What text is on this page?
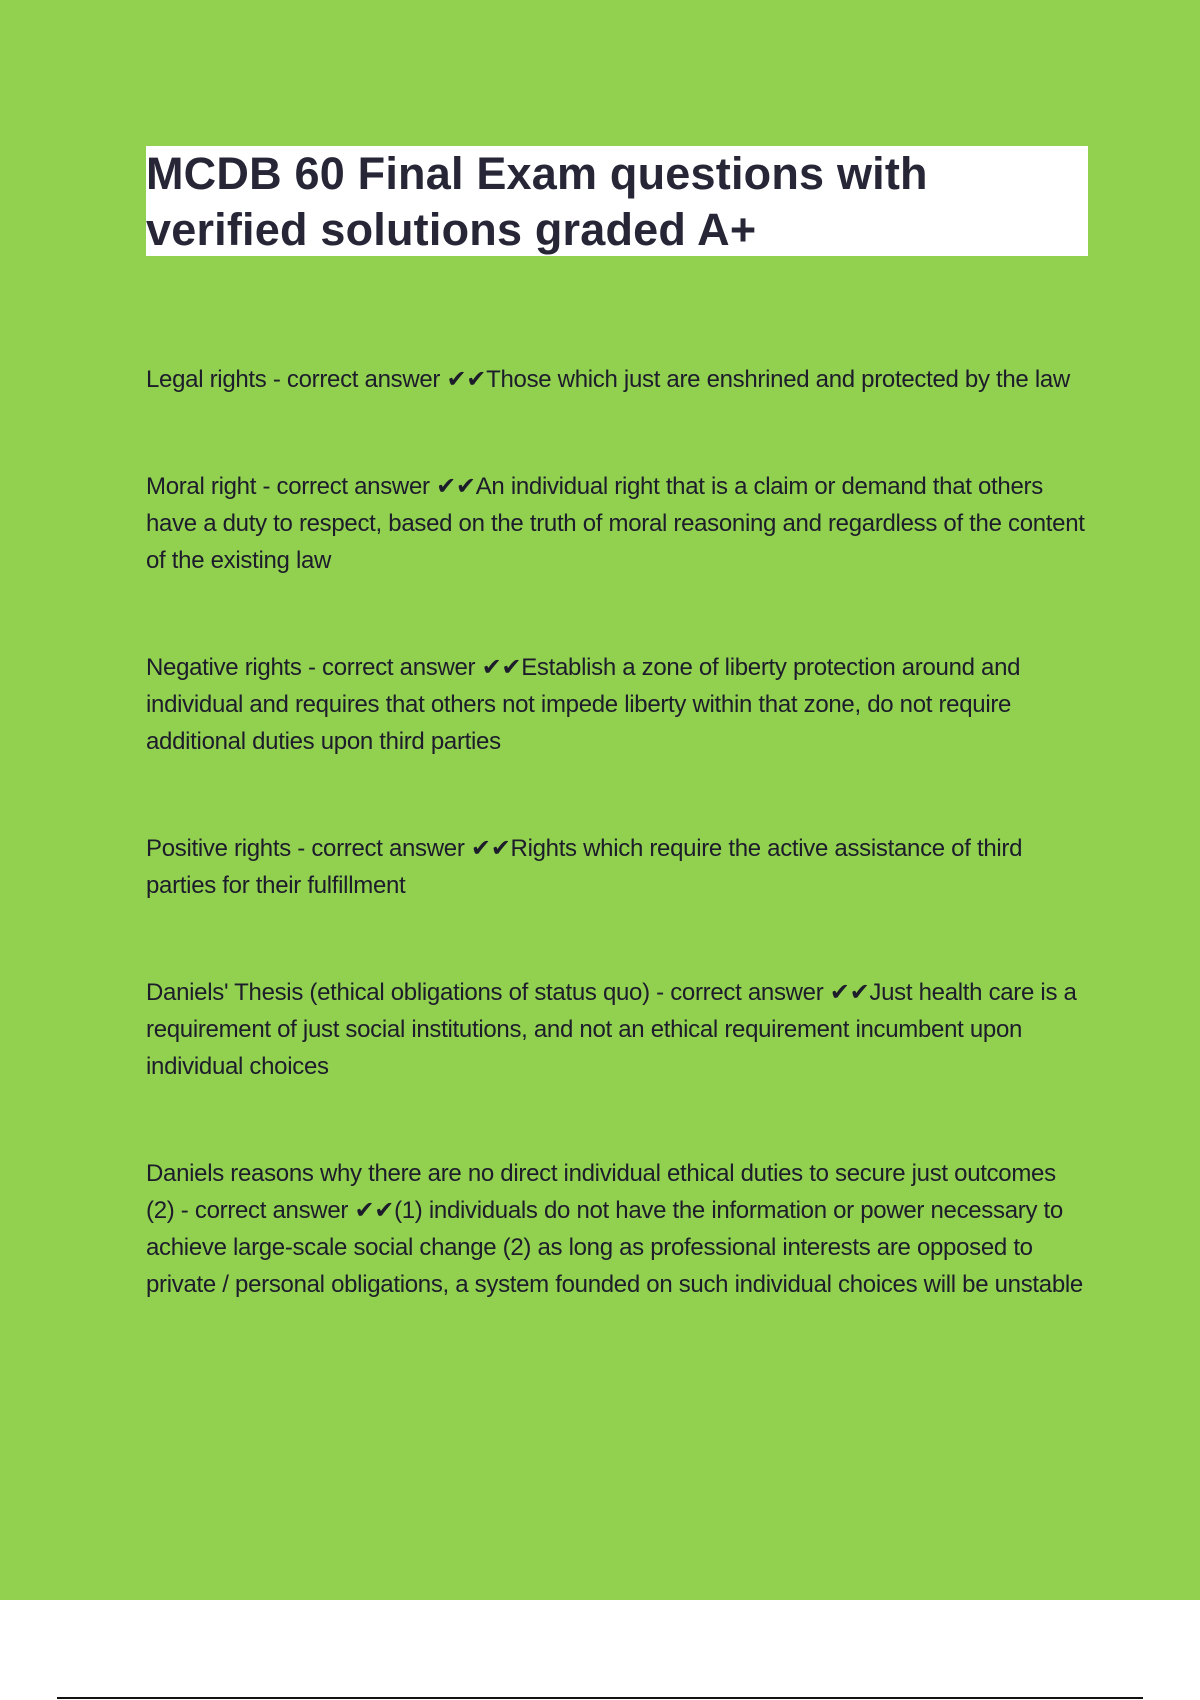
MCDB 60 Final Exam questions with verified solutions graded A+

Legal rights - correct answer ✔✔Those which just are enshrined and protected by the law

Moral right - correct answer ✔✔An individual right that is a claim or demand that others have a duty to respect, based on the truth of moral reasoning and regardless of the content of the existing law

Negative rights - correct answer ✔✔Establish a zone of liberty protection around and individual and requires that others not impede liberty within that zone, do not require additional duties upon third parties

Positive rights - correct answer ✔✔Rights which require the active assistance of third parties for their fulfillment

Daniels' Thesis (ethical obligations of status quo) - correct answer ✔✔Just health care is a requirement of just social institutions, and not an ethical requirement incumbent upon individual choices

Daniels reasons why there are no direct individual ethical duties to secure just outcomes (2) - correct answer ✔✔(1) individuals do not have the information or power necessary to achieve large-scale social change (2) as long as professional interests are opposed to private / personal obligations, a system founded on such individual choices will be unstable
